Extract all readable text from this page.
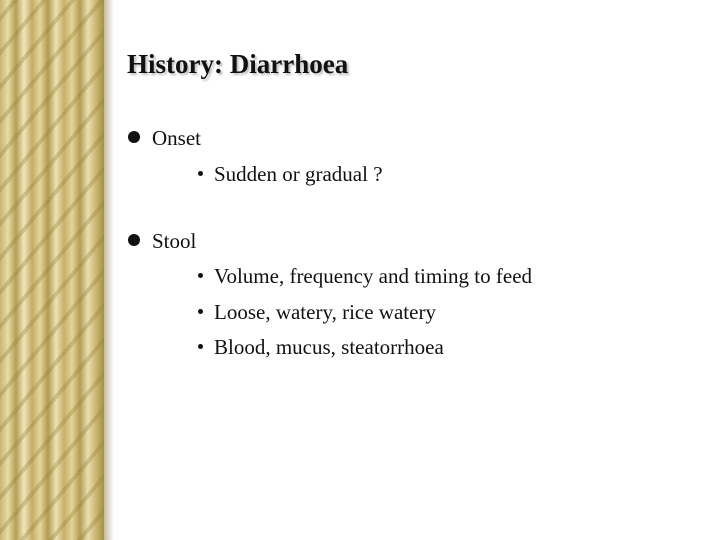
History: Diarrhoea
Onset
Sudden or gradual ?
Stool
Volume, frequency and timing to feed
Loose, watery, rice watery
Blood, mucus, steatorrhoea
